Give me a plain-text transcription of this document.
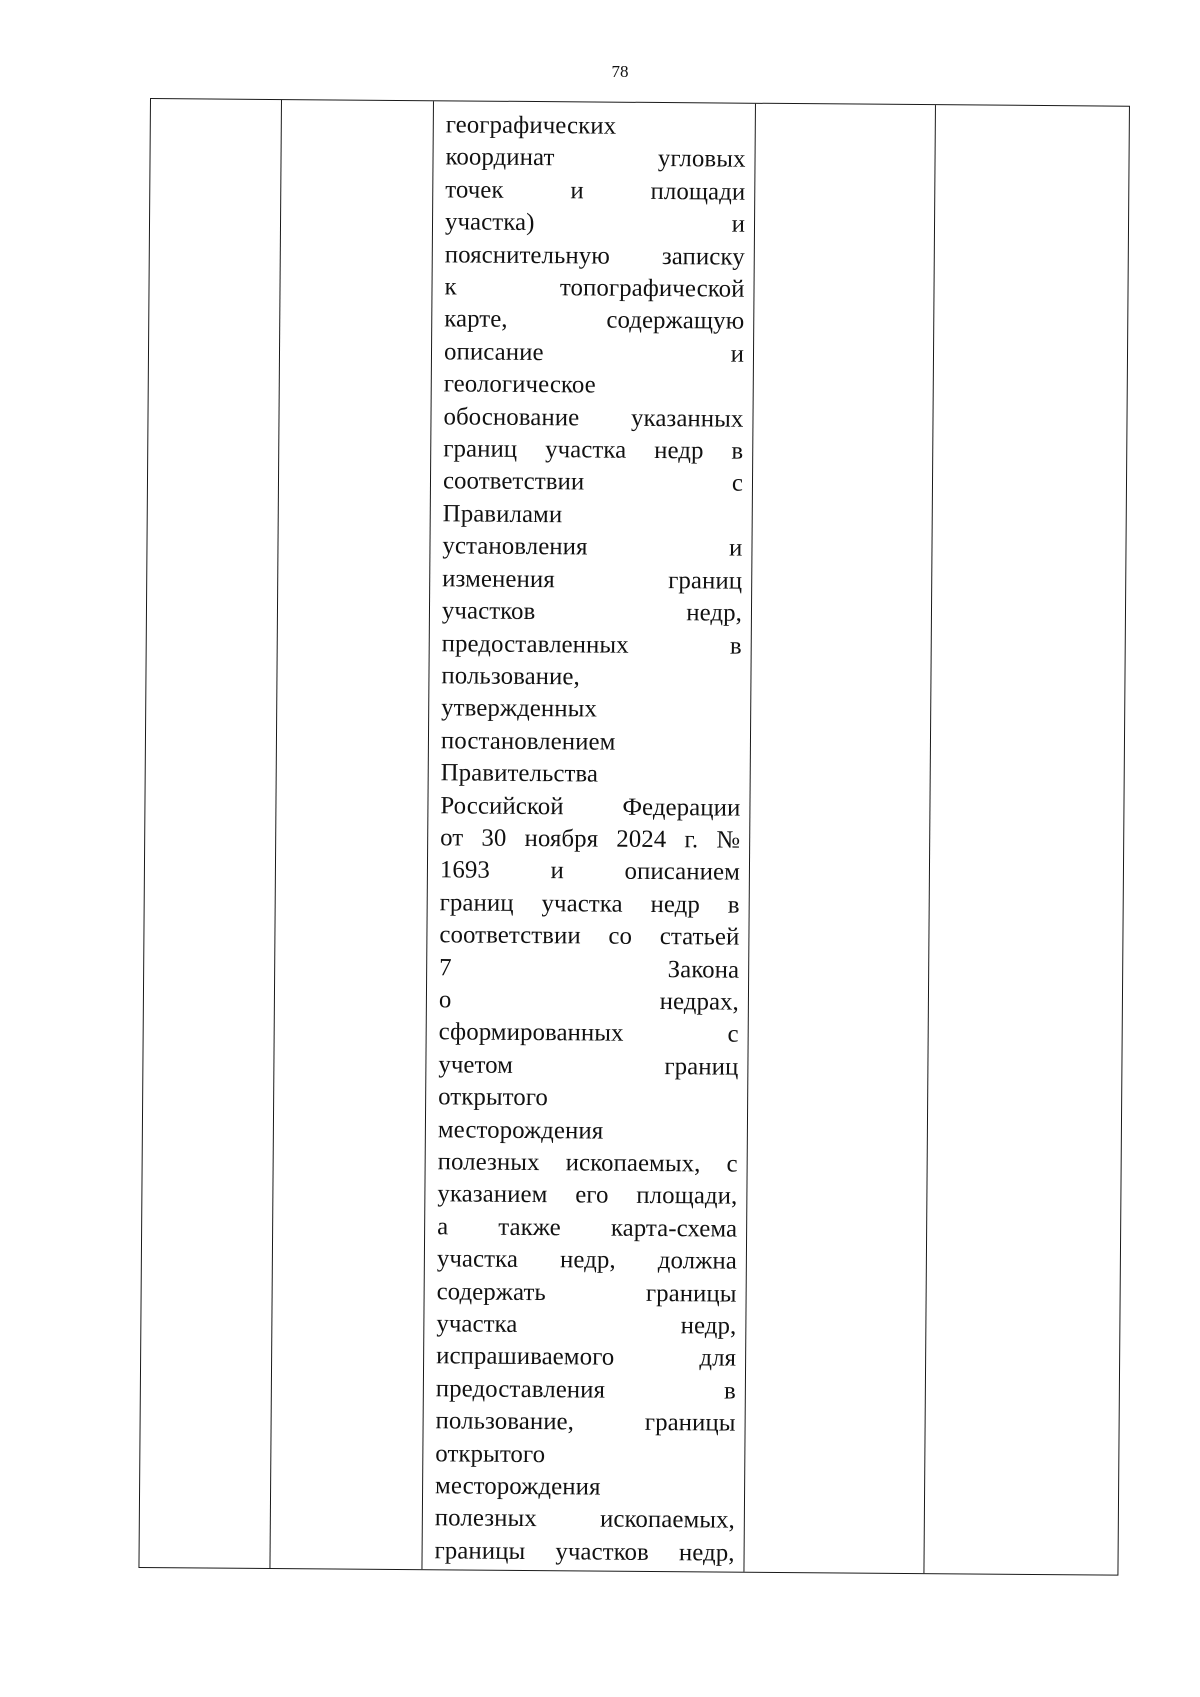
78
географических
координат	угловых
точек	и	площади
участка)	и
пояснительную записку
к	топографической
карте,	содержащую
описание	и
геологическое
обоснование указанных
границ участка недр в
соответствии	с
Правилами
установления	и
изменения	границ
участков	недр,
предоставленных	в
пользование,
утвержденных
постановлением
Правительства
Российской Федерации
от 30 ноября 2024 г. №
1693 и описанием
границ участка недр в
соответствии со статьей
7	Закона
о	недрах,
сформированных	с
учетом	границ
открытого
месторождения
полезных ископаемых, с
указанием его площади,
а также карта-схема
участка недр, должна
содержать	границы
участка	недр,
испрашиваемого	для
предоставления	в
пользование,	границы
открытого
месторождения
полезных	ископаемых,
границы участков недр,
